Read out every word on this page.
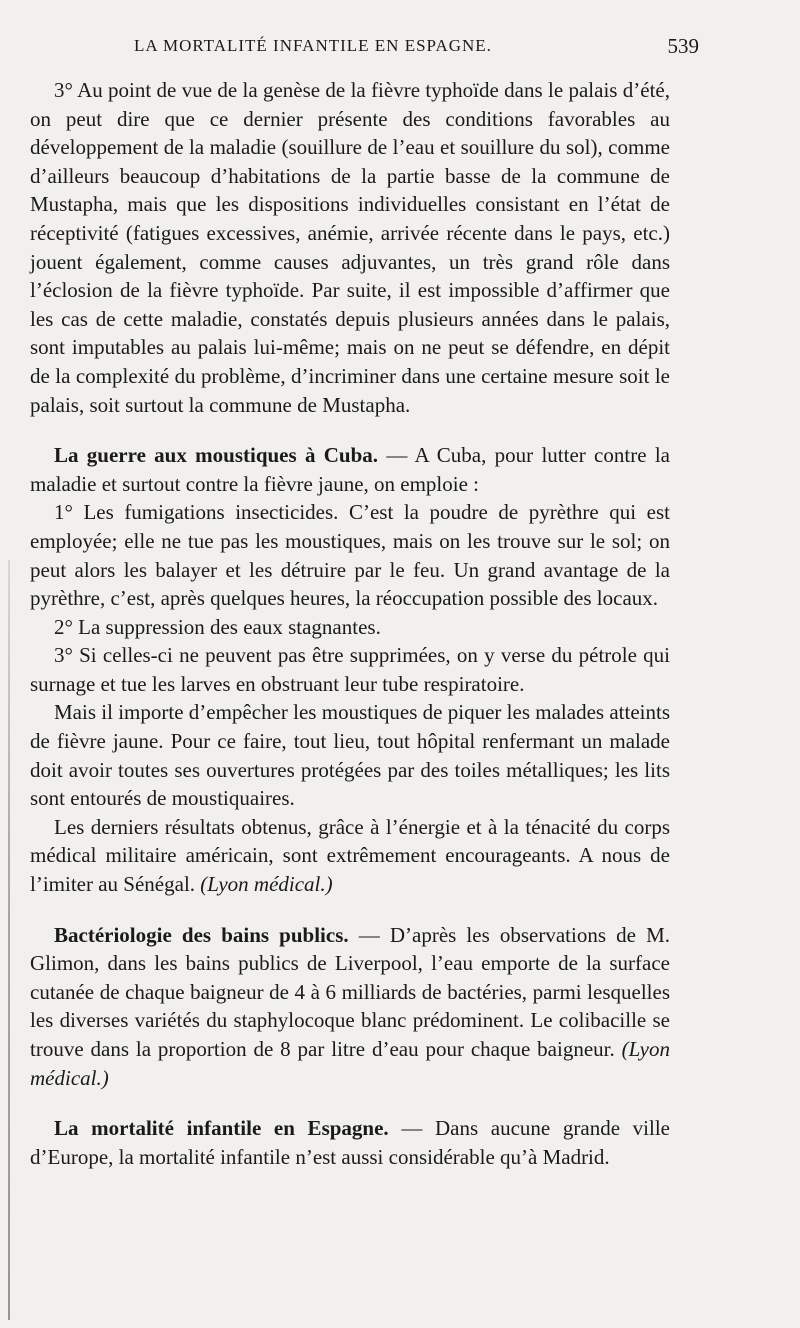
LA MORTALITÉ INFANTILE EN ESPAGNE.	539

3° Au point de vue de la genèse de la fièvre typhoïde dans le palais d’été, on peut dire que ce dernier présente des conditions favorables au développement de la maladie (souillure de l’eau et souillure du sol), comme d’ailleurs beaucoup d’habitations de la partie basse de la commune de Mustapha, mais que les dispositions individuelles consistant en l’état de réceptivité (fatigues excessives, anémie, arrivée récente dans le pays, etc.) jouent également, comme causes adjuvantes, un très grand rôle dans l’éclosion de la fièvre typhoïde. Par suite, il est impossible d’affirmer que les cas de cette maladie, constatés depuis plusieurs années dans le palais, sont imputables au palais lui-même; mais on ne peut se défendre, en dépit de la complexité du problème, d’incriminer dans une certaine mesure soit le palais, soit surtout la commune de Mustapha.

La guerre aux moustiques à Cuba. — A Cuba, pour lutter contre la maladie et surtout contre la fièvre jaune, on emploie :

1° Les fumigations insecticides. C’est la poudre de pyrèthre qui est employée; elle ne tue pas les moustiques, mais on les trouve sur le sol; on peut alors les balayer et les détruire par le feu. Un grand avantage de la pyrèthre, c’est, après quelques heures, la réoccupation possible des locaux.

2° La suppression des eaux stagnantes.

3° Si celles-ci ne peuvent pas être supprimées, on y verse du pétrole qui surnage et tue les larves en obstruant leur tube respiratoire.

Mais il importe d’empêcher les moustiques de piquer les malades atteints de fièvre jaune. Pour ce faire, tout lieu, tout hôpital renfermant un malade doit avoir toutes ses ouvertures protégées par des toiles métalliques; les lits sont entourés de moustiquaires.

Les derniers résultats obtenus, grâce à l’énergie et à la ténacité du corps médical militaire américain, sont extrêmement encourageants. A nous de l’imiter au Sénégal. (Lyon médical.)

Bactériologie des bains publics. — D’après les observations de M. Glimon, dans les bains publics de Liverpool, l’eau emporte de la surface cutanée de chaque baigneur de 4 à 6 milliards de bactéries, parmi lesquelles les diverses variétés du staphylocoque blanc prédominent. Le colibacille se trouve dans la proportion de 8 par litre d’eau pour chaque baigneur. (Lyon médical.)

La mortalité infantile en Espagne. — Dans aucune grande ville d’Europe, la mortalité infantile n’est aussi considérable qu’à Madrid.
